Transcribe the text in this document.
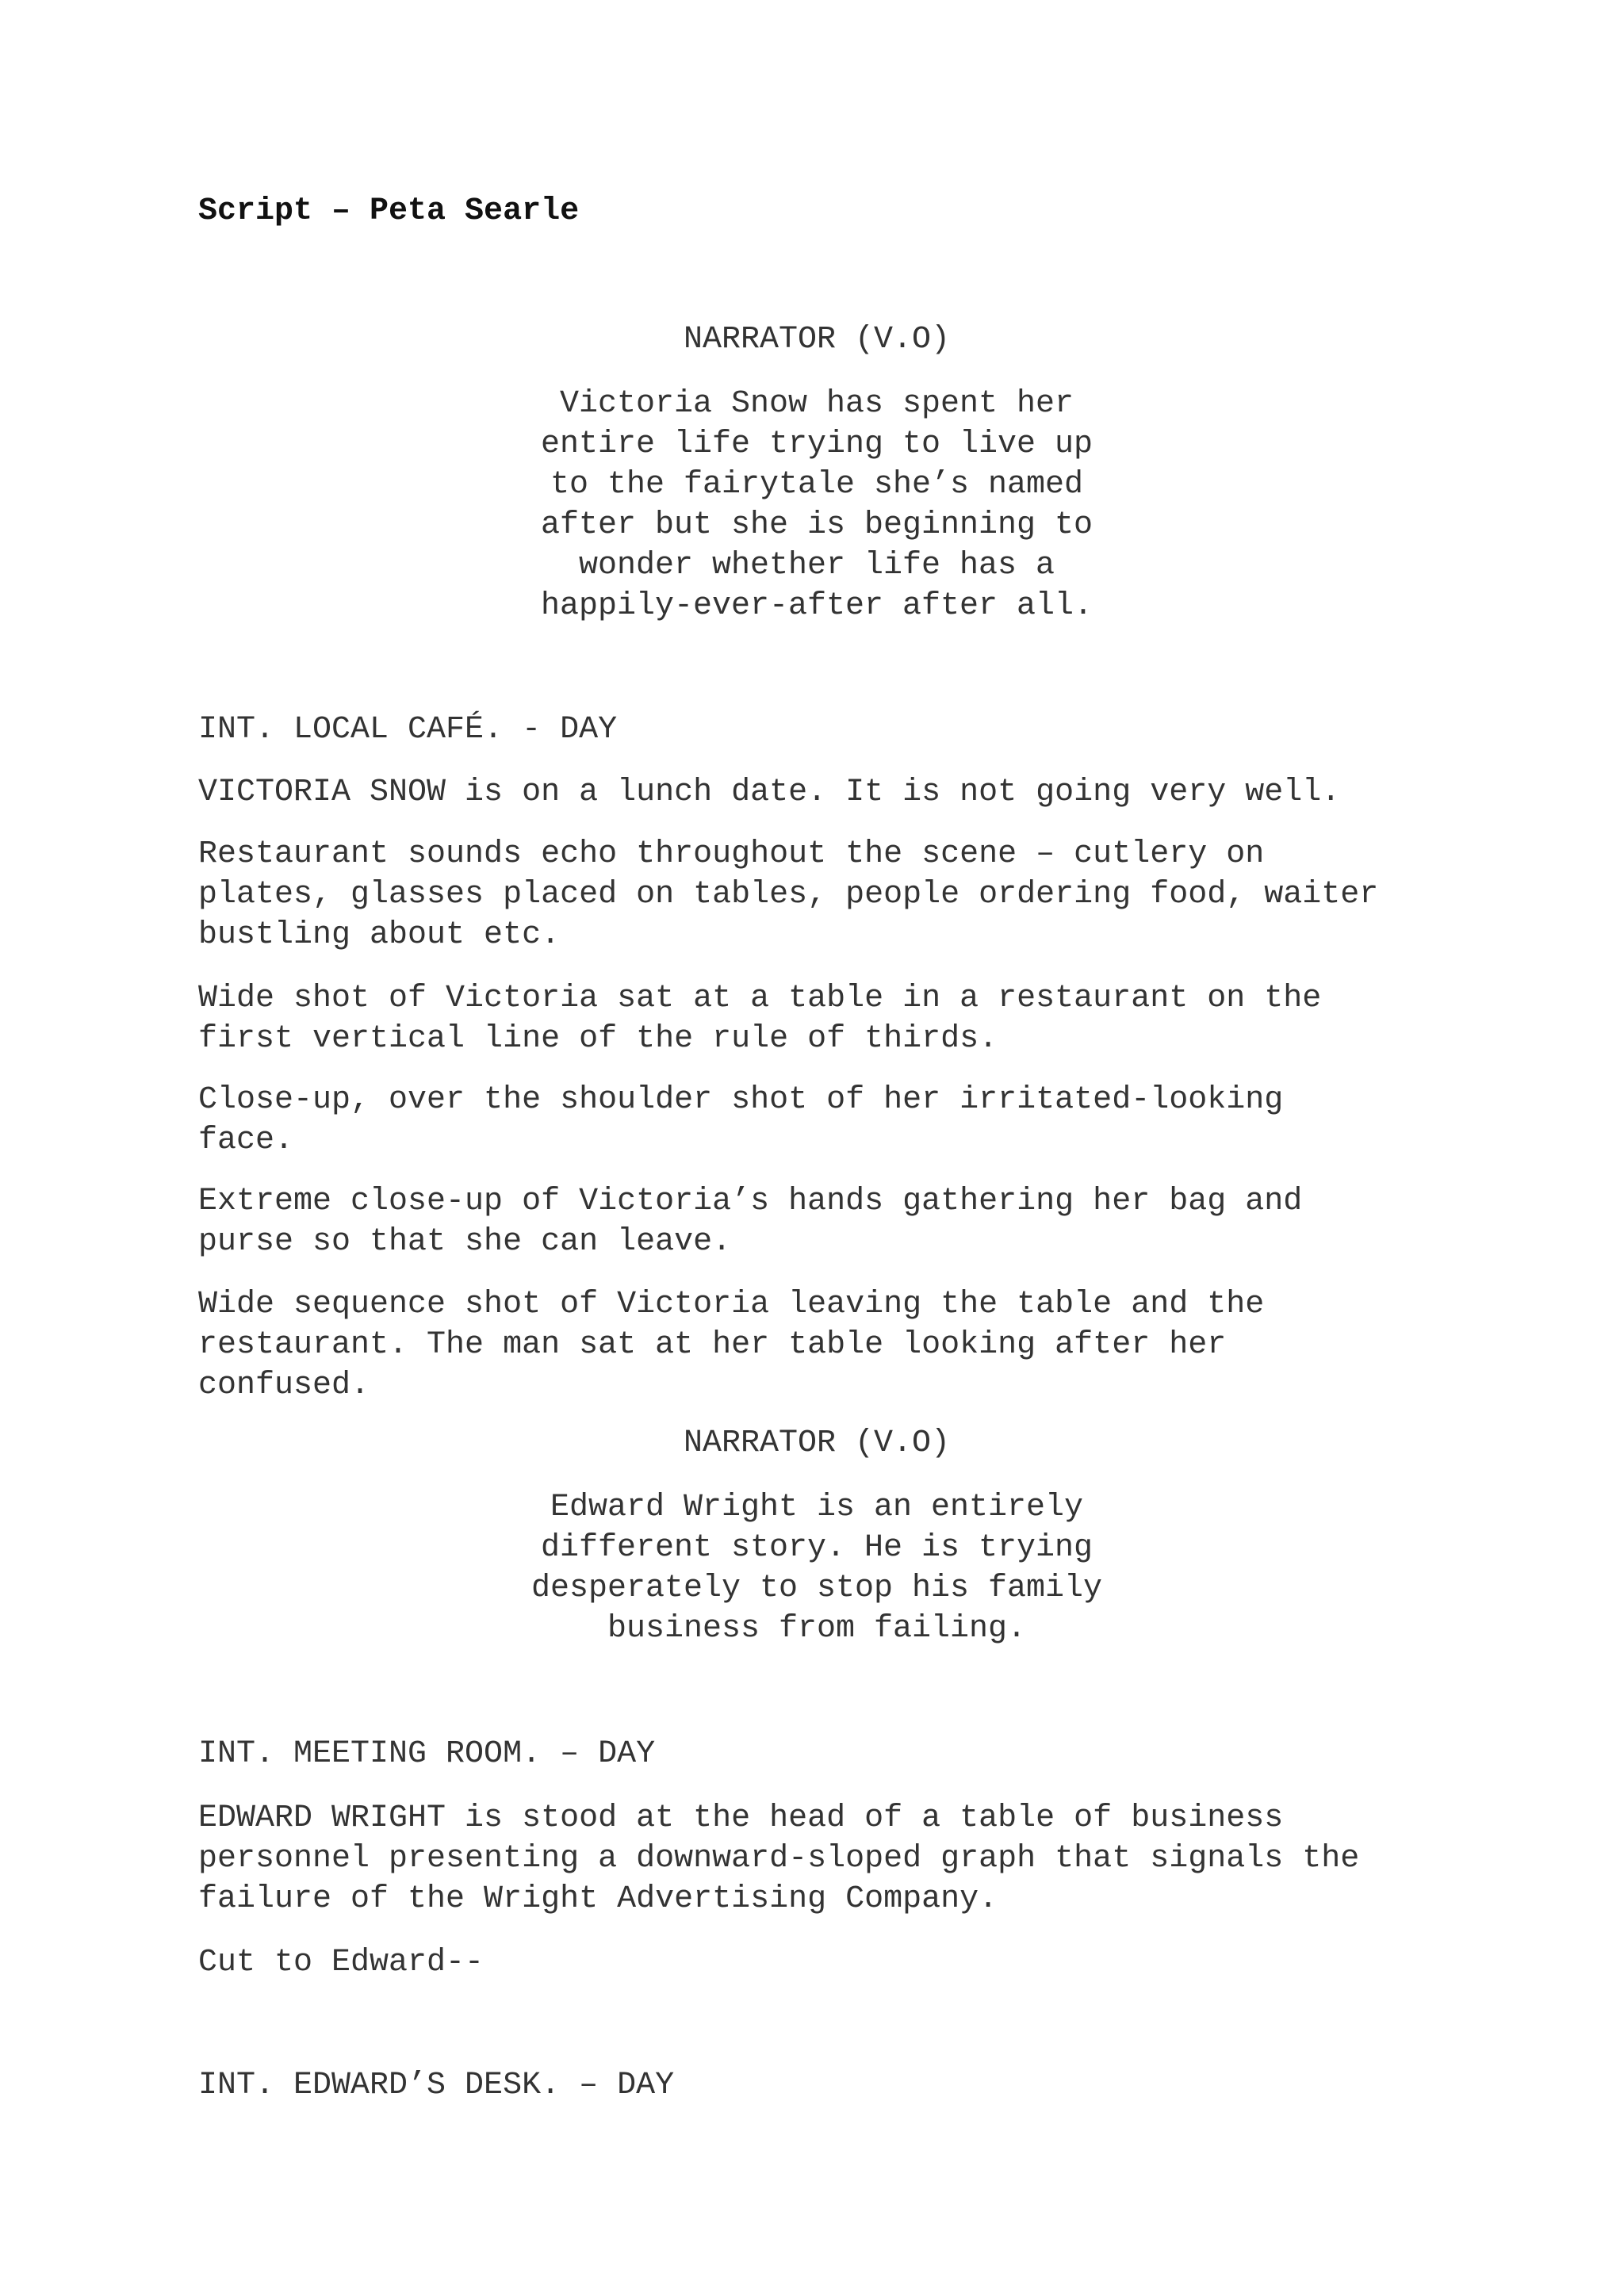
Script – Peta Searle
NARRATOR (V.O)
Victoria Snow has spent her
entire life trying to live up
to the fairytale she’s named
after but she is beginning to
wonder whether life has a
happily-ever-after after all.
INT. LOCAL CAFÉ. - DAY
VICTORIA SNOW is on a lunch date. It is not going very well.
Restaurant sounds echo throughout the scene – cutlery on
plates, glasses placed on tables, people ordering food, waiter
bustling about etc.
Wide shot of Victoria sat at a table in a restaurant on the
first vertical line of the rule of thirds.
Close-up, over the shoulder shot of her irritated-looking
face.
Extreme close-up of Victoria’s hands gathering her bag and
purse so that she can leave.
Wide sequence shot of Victoria leaving the table and the
restaurant. The man sat at her table looking after her
confused.
NARRATOR (V.O)
Edward Wright is an entirely
different story. He is trying
desperately to stop his family
business from failing.
INT. MEETING ROOM. – DAY
EDWARD WRIGHT is stood at the head of a table of business
personnel presenting a downward-sloped graph that signals the
failure of the Wright Advertising Company.
Cut to Edward--
INT. EDWARD’S DESK. – DAY
